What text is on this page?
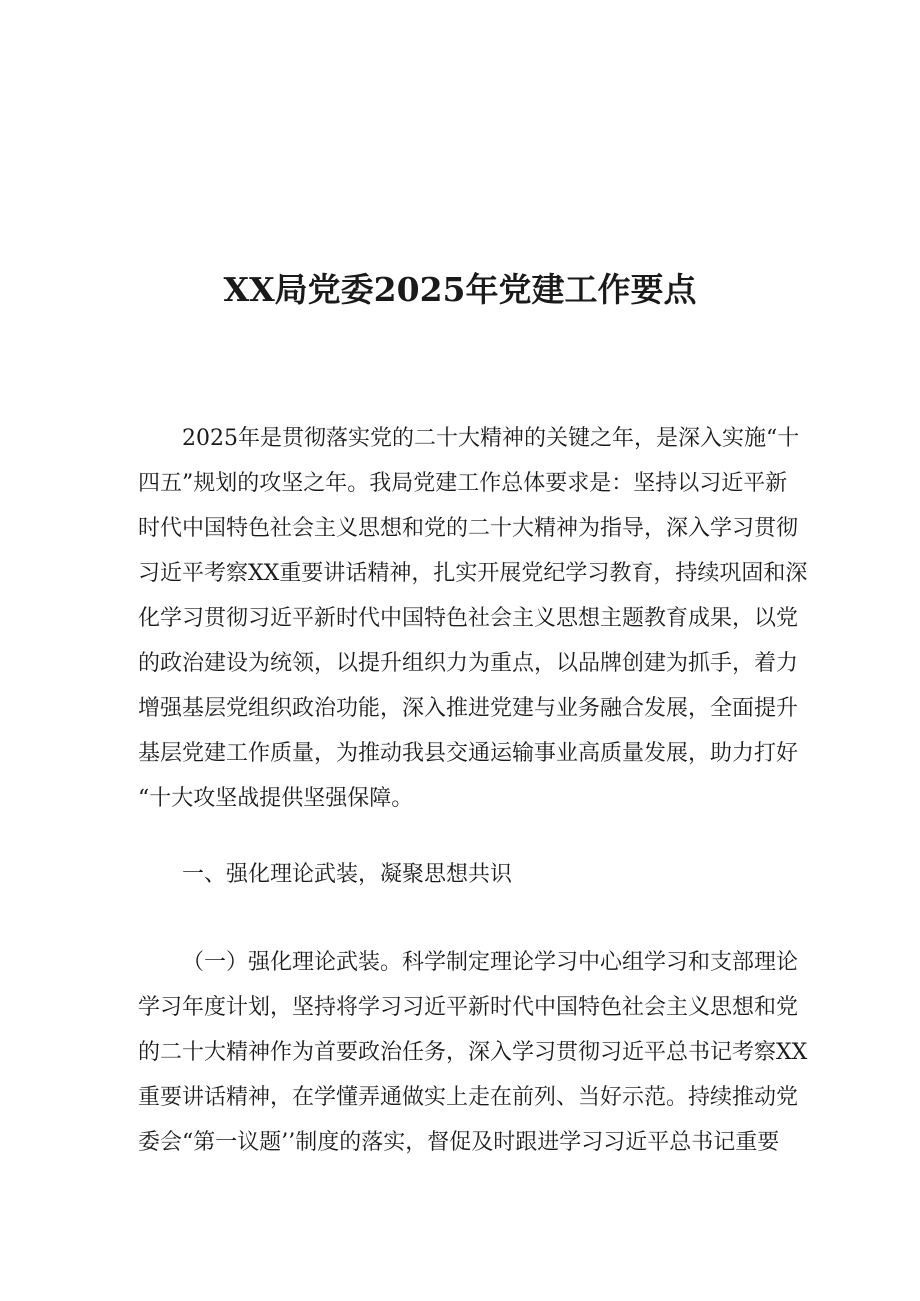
XX局党委2025年党建工作要点
2025年是贯彻落实党的二十大精神的关键之年，是深入实施“十
四五”规划的攻坚之年。我局党建工作总体要求是：坚持以习近平新
时代中国特色社会主义思想和党的二十大精神为指导，深入学习贯彻
习近平考察XX重要讲话精神，扎实开展党纪学习教育，持续巩固和深
化学习贯彻习近平新时代中国特色社会主义思想主题教育成果，以党
的政治建设为统领，以提升组织力为重点，以品牌创建为抓手，着力
增强基层党组织政治功能，深入推进党建与业务融合发展，全面提升
基层党建工作质量，为推动我县交通运输事业高质量发展，助力打好
“十大攻坚战提供坚强保障。
一、强化理论武装，凝聚思想共识
（一）强化理论武装。科学制定理论学习中心组学习和支部理论
学习年度计划，坚持将学习习近平新时代中国特色社会主义思想和党
的二十大精神作为首要政治任务，深入学习贯彻习近平总书记考察XX
重要讲话精神，在学懂弄通做实上走在前列、当好示范。持续推动党
委会“第一议题’’制度的落实，督促及时跟进学习习近平总书记重要
